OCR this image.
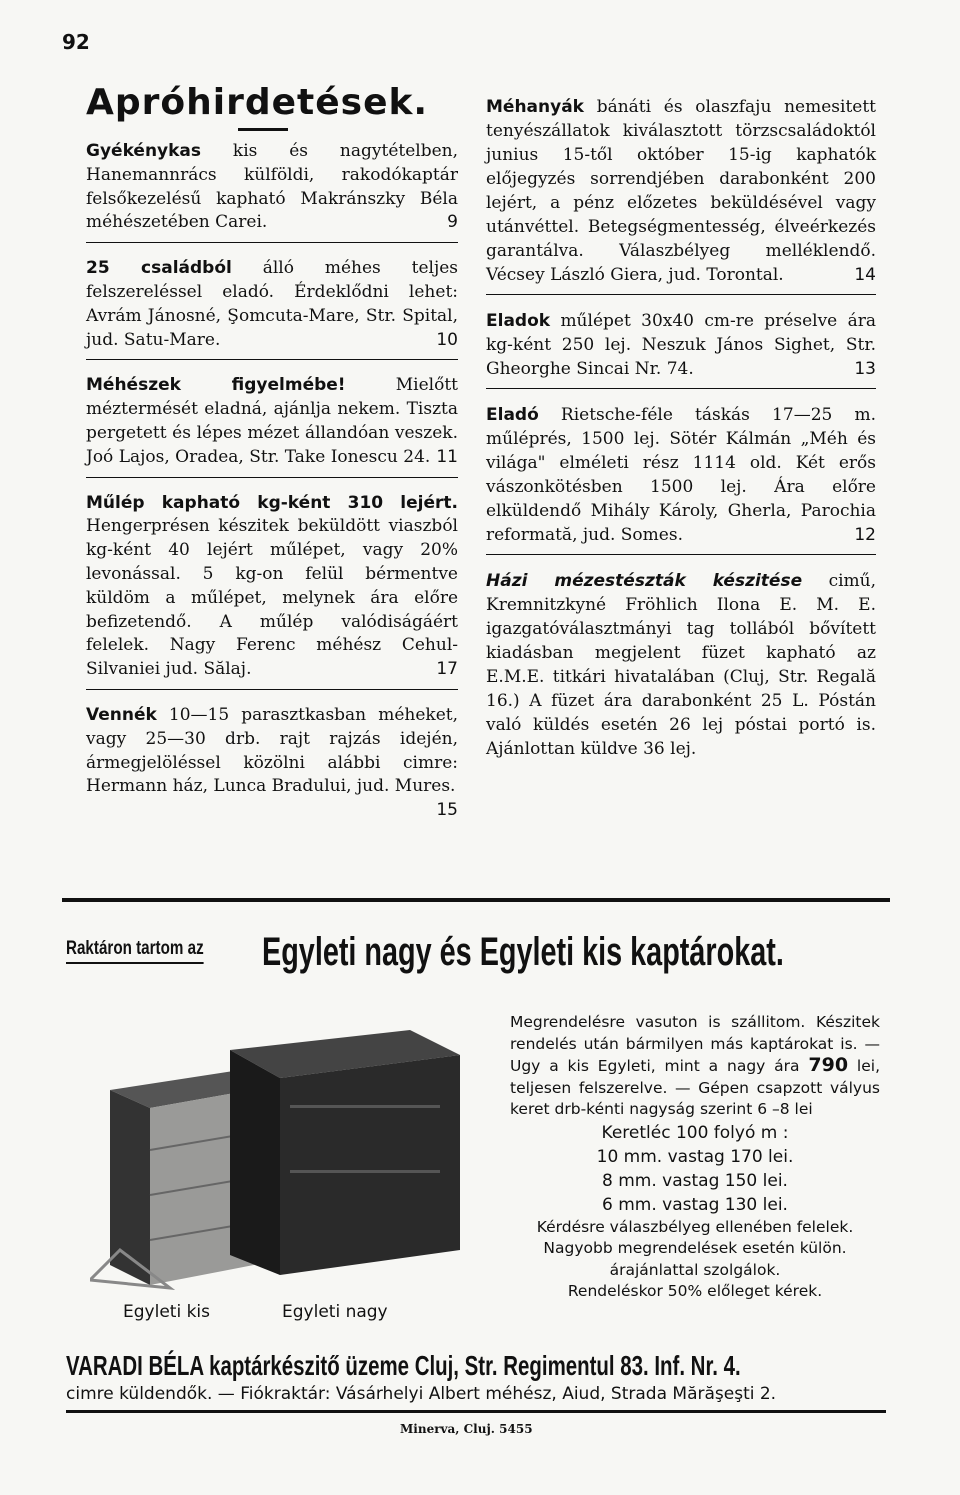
92
Apróhirdetések.

Gyékénykas kis és nagytételben, Hanemannrács külföldi, rakodókaptár felsőkezelésű kapható Makránszky Béla méhészetében Carei.	9

25 családból álló méhes teljes felszereléssel eladó. Érdeklődni lehet: Avrám Jánosné, Şomcuta-Mare, Str. Spital, jud. Satu-Mare.	10

Méhészek figyelmébe! Mielőtt méztermését eladná, ajánlja nekem. Tiszta pergetett és lépes mézet állandóan veszek. Joó Lajos, Oradea, Str. Take Ionescu 24. 11

Műlép kapható kg-ként 310 lejért. Hengerprésen készitek beküldött viaszból kg-ként 40 lejért műlépet, vagy 20% levonással. 5 kg-on felül bérmentve küldöm a műlépet, melynek ára előre befizetendő. A műlép valódiságáért felelek. Nagy Ferenc méhész Cehul-Silvaniei jud. Sălaj.	17

Vennék 10—15 parasztkasban méheket, vagy 25—30 drb. rajt rajzás idején, ármegjelöléssel közölni alábbi cimre: Hermann ház, Lunca Bradului, jud. Mures.
15

Méhanyák bánáti és olaszfaju nemesitett tenyészállatok kiválasztott törzscsaládoktól junius 15-től október 15-ig kaphatók előjegyzés sorrendjében darabonként 200 lejért, a pénz előzetes beküldésével vagy utánvéttel. Betegségmentesség, élveérkezés garantálva. Válaszbélyeg melléklendő. Vécsey László Giera, jud. Torontal.	14

Eladok műlépet 30x40 cm-re préselve ára kg-ként 250 lej. Neszuk János Sighet, Str. Gheorghe Sincai Nr. 74.	13

Eladó Rietsche-féle táskás 17—25 m. műléprés, 1500 lej. Sötér Kálmán „Méh és világa" elméleti rész 1114 old. Két erős vászonkötésben 1500 lej. Ára előre elküldendő Mihály Károly, Gherla, Parochia reformată, jud. Somes.	12

Házi mézestészták készitése cimű, Kremnitzkyné Fröhlich Ilona E. M. E. igazgatóválasztmányi tag tollából bővített kiadásban megjelent füzet kapható az E.M.E. titkári hivatalában (Cluj, Str. Regală 16.) A füzet ára darabonként 25 L. Póstán való küldés esetén 26 lej póstai portó is. Ajánlottan küldve 36 lej.

Raktáron tartom az Egyleti nagy és Egyleti kis kaptárokat.
Egyleti kis	Egyleti nagy

Megrendelésre vasuton is szállitom. Készitek rendelés után bármilyen más kaptárokat is. — Ugy a kis Egyleti, mint a nagy ára 790 lei, teljesen felszerelve. — Gépen csapzott vályus keret drb-kénti nagyság szerint 6 –8 lei

Keretléc 100 folyó m :

10 mm. vastag 170 lei.

8 mm. vastag 150 lei.

6 mm. vastag 130 lei.

Kérdésre válaszbélyeg ellenében felelek. Nagyobb megrendelések esetén külön. árajánlattal szolgálok.

Rendeléskor 50% előleget kérek.

VARADI BÉLA kaptárkészitő üzeme Cluj, Str. Regimentul 83. Inf. Nr. 4.
cimre küldendők. — Fiókraktár: Vásárhelyi Albert méhész, Aiud, Strada Mărăşeşti 2.
Minerva, Cluj. 5455
